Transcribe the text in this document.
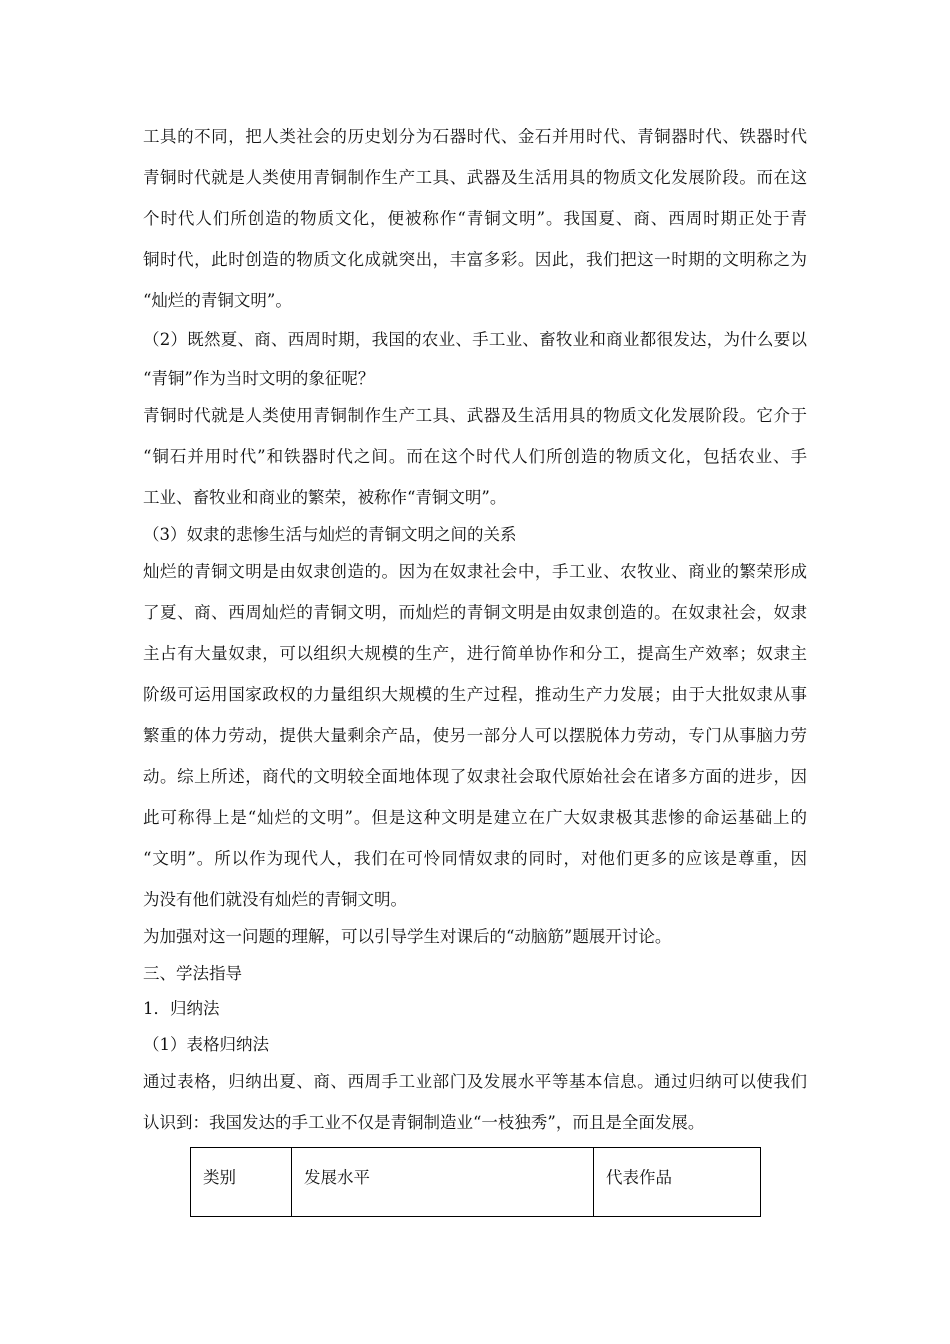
工具的不同，把人类社会的历史划分为石器时代、金石并用时代、青铜器时代、铁器时代
青铜时代就是人类使用青铜制作生产工具、武器及生活用具的物质文化发展阶段。而在这
个时代人们所创造的物质文化，便被称作“青铜文明”。我国夏、商、西周时期正处于青
铜时代，此时创造的物质文化成就突出，丰富多彩。因此，我们把这一时期的文明称之为
“灿烂的青铜文明”。
（2）既然夏、商、西周时期，我国的农业、手工业、畜牧业和商业都很发达，为什么要以
“青铜”作为当时文明的象征呢？
青铜时代就是人类使用青铜制作生产工具、武器及生活用具的物质文化发展阶段。它介于
“铜石并用时代”和铁器时代之间。而在这个时代人们所创造的物质文化，包括农业、手
工业、畜牧业和商业的繁荣，被称作“青铜文明”。
（3）奴隶的悲惨生活与灿烂的青铜文明之间的关系
灿烂的青铜文明是由奴隶创造的。因为在奴隶社会中，手工业、农牧业、商业的繁荣形成
了夏、商、西周灿烂的青铜文明，而灿烂的青铜文明是由奴隶创造的。在奴隶社会，奴隶
主占有大量奴隶，可以组织大规模的生产，进行简单协作和分工，提高生产效率；奴隶主
阶级可运用国家政权的力量组织大规模的生产过程，推动生产力发展；由于大批奴隶从事
繁重的体力劳动，提供大量剩余产品，使另一部分人可以摆脱体力劳动，专门从事脑力劳
动。综上所述，商代的文明较全面地体现了奴隶社会取代原始社会在诸多方面的进步，因
此可称得上是“灿烂的文明”。但是这种文明是建立在广大奴隶极其悲惨的命运基础上的
“文明”。所以作为现代人，我们在可怜同情奴隶的同时，对他们更多的应该是尊重，因
为没有他们就没有灿烂的青铜文明。
为加强对这一问题的理解，可以引导学生对课后的“动脑筋”题展开讨论。
三、学法指导
1．归纳法
（1）表格归纳法
通过表格，归纳出夏、商、西周手工业部门及发展水平等基本信息。通过归纳可以使我们
认识到：我国发达的手工业不仅是青铜制造业“一枝独秀”，而且是全面发展。
类别	发展水平	代表作品
